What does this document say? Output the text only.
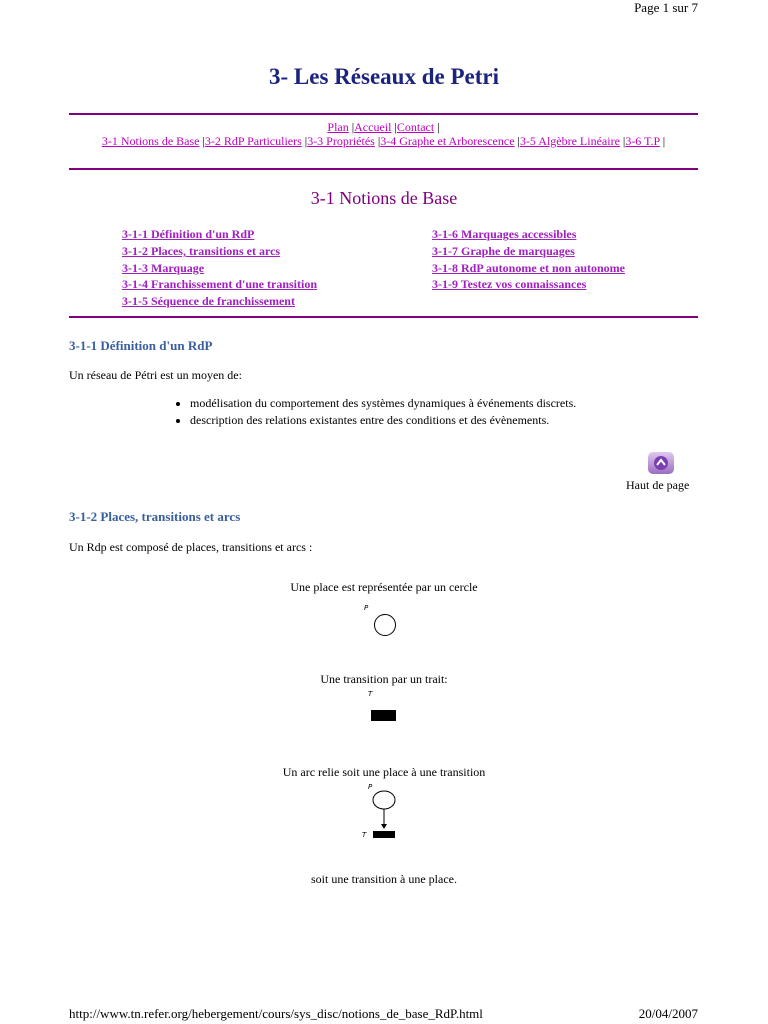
Page 1 sur 7
3- Les Réseaux de Petri
Plan |Accueil |Contact |
3-1 Notions de Base |3-2 RdP Particuliers |3-3 Propriétés |3-4 Graphe et Arborescence |3-5 Algèbre Linéaire |3-6 T.P |
3-1 Notions de Base
3-1-1 Définition d'un RdP
3-1-2 Places, transitions et arcs
3-1-3 Marquage
3-1-4 Franchissement d'une transition
3-1-5 Séquence de franchissement
3-1-6 Marquages accessibles
3-1-7 Graphe de marquages
3-1-8 RdP autonome et non autonome
3-1-9 Testez vos connaissances
3-1-1 Définition d'un RdP
Un réseau de Pétri est un moyen de:
• modélisation du comportement des systèmes dynamiques à événements discrets.
• description des relations existantes entre des conditions et des évènements.
Haut de page
3-1-2 Places, transitions et arcs
Un Rdp est composé de places, transitions et arcs :
Une place est représentée par un cercle
P
Une transition par un trait:
T
Un arc relie soit une place à une transition
P
T
soit une transition à une place.
http://www.tn.refer.org/hebergement/cours/sys_disc/notions_de_base_RdP.html	20/04/2007
